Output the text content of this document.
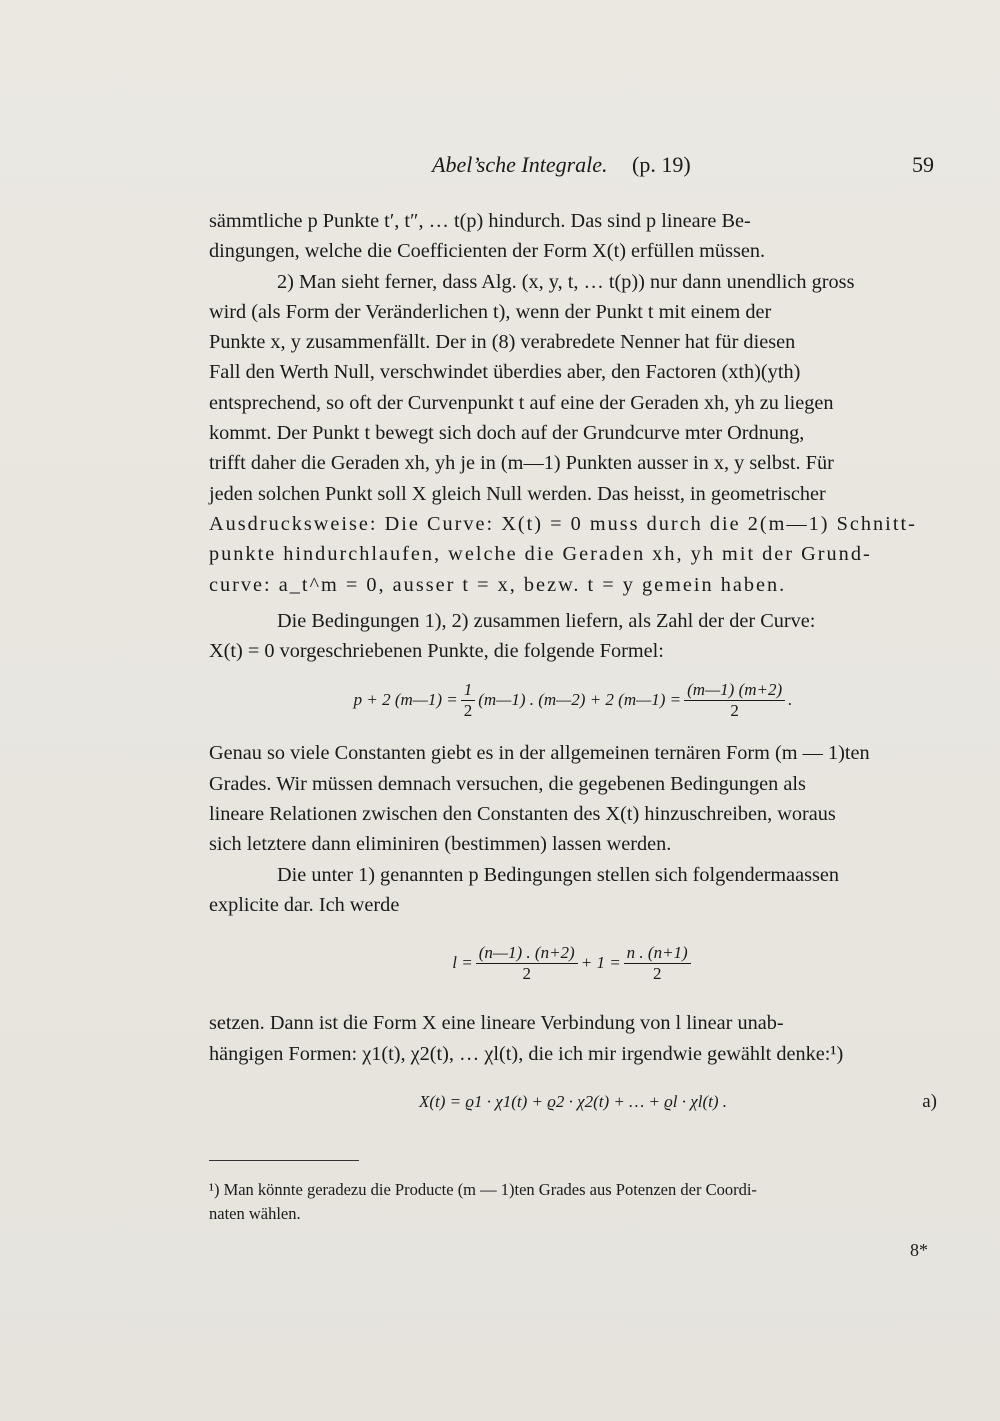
Abel’sche Integrale. (p. 19)	59
sämmtliche p Punkte t′, t″, … t(p) hindurch. Das sind p lineare Be-
dingungen, welche die Coefficienten der Form X(t) erfüllen müssen.
2) Man sieht ferner, dass Alg. (x, y, t, … t(p)) nur dann unendlich gross
wird (als Form der Veränderlichen t), wenn der Punkt t mit einem der
Punkte x, y zusammenfällt. Der in (8) verabredete Nenner hat für diesen
Fall den Werth Null, verschwindet überdies aber, den Factoren (xth)(yth)
entsprechend, so oft der Curvenpunkt t auf eine der Geraden xh, yh zu liegen
kommt. Der Punkt t bewegt sich doch auf der Grundcurve mter Ordnung,
trifft daher die Geraden xh, yh je in (m—1) Punkten ausser in x, y selbst. Für
jeden solchen Punkt soll X gleich Null werden. Das heisst, in geometrischer
Ausdrucksweise: Die Curve: X(t) = 0 muss durch die 2(m—1) Schnitt-
punkte hindurchlaufen, welche die Geraden xh, yh mit der Grund-
curve: a_t^m = 0, ausser t = x, bezw. t = y gemein haben.
Die Bedingungen 1), 2) zusammen liefern, als Zahl der der Curve:
X(t) = 0 vorgeschriebenen Punkte, die folgende Formel:
p + 2 (m—1) = $\frac{1}{2}$ (m—1) . (m—2) + 2 (m—1) = $\frac{(m—1) (m+2)}{2}$ .
Genau so viele Constanten giebt es in der allgemeinen ternären Form (m — 1)ten
Grades. Wir müssen demnach versuchen, die gegebenen Bedingungen als
lineare Relationen zwischen den Constanten des X(t) hinzuschreiben, woraus
sich letztere dann eliminiren (bestimmen) lassen werden.
Die unter 1) genannten p Bedingungen stellen sich folgendermaassen
explicite dar. Ich werde
$l = \frac{(n—1) . (n+2)}{2} + 1 = \frac{n . (n+1)}{2}$
setzen. Dann ist die Form X eine lineare Verbindung von l linear unab-
hängigen Formen: χ1(t), χ2(t), … χl(t), die ich mir irgendwie gewählt denke:¹)
X(t) = ϱ1 · χ1(t) + ϱ2 · χ2(t) + … + ϱl · χl(t) .	a)
¹) Man könnte geradezu die Producte (m — 1)ten Grades aus Potenzen der Coordi-
naten wählen.
8*
